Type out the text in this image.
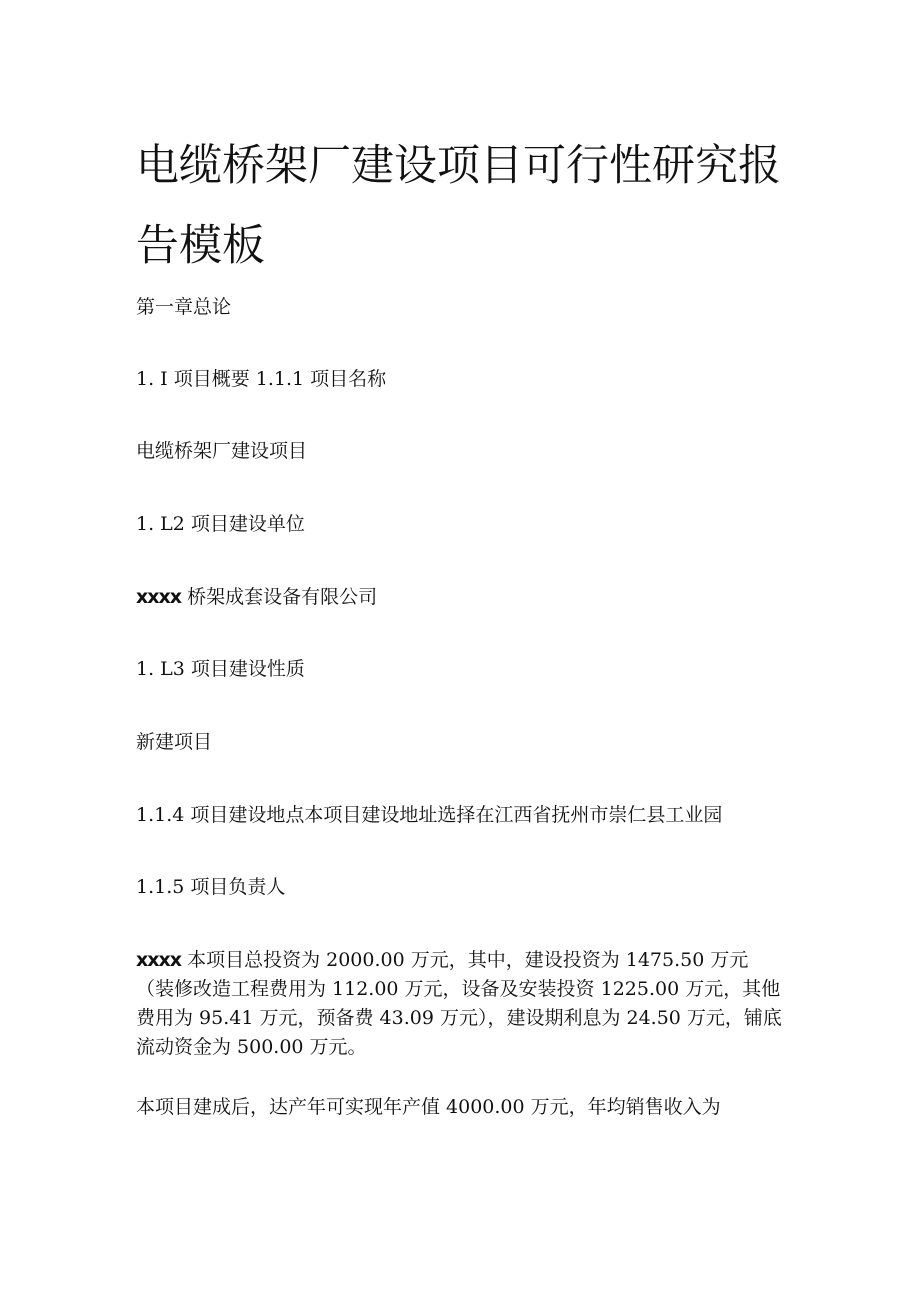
电缆桥架厂建设项目可行性研究报
告模板
第一章总论
1. I 项目概要 1.1.1 项目名称
电缆桥架厂建设项目
1. L2 项目建设单位
xxxx 桥架成套设备有限公司
1. L3 项目建设性质
新建项目
1.1.4 项目建设地点本项目建设地址选择在江西省抚州市崇仁县工业园
1.1.5 项目负责人
xxxx 本项目总投资为 2000.00 万元，其中，建设投资为 1475.50 万元（装修改造工程费用为 112.00 万元，设备及安装投资 1225.00 万元，其他费用为 95.41 万元，预备费 43.09 万元），建设期利息为 24.50 万元，铺底流动资金为 500.00 万元。
本项目建成后，达产年可实现年产值 4000.00 万元，年均销售收入为
